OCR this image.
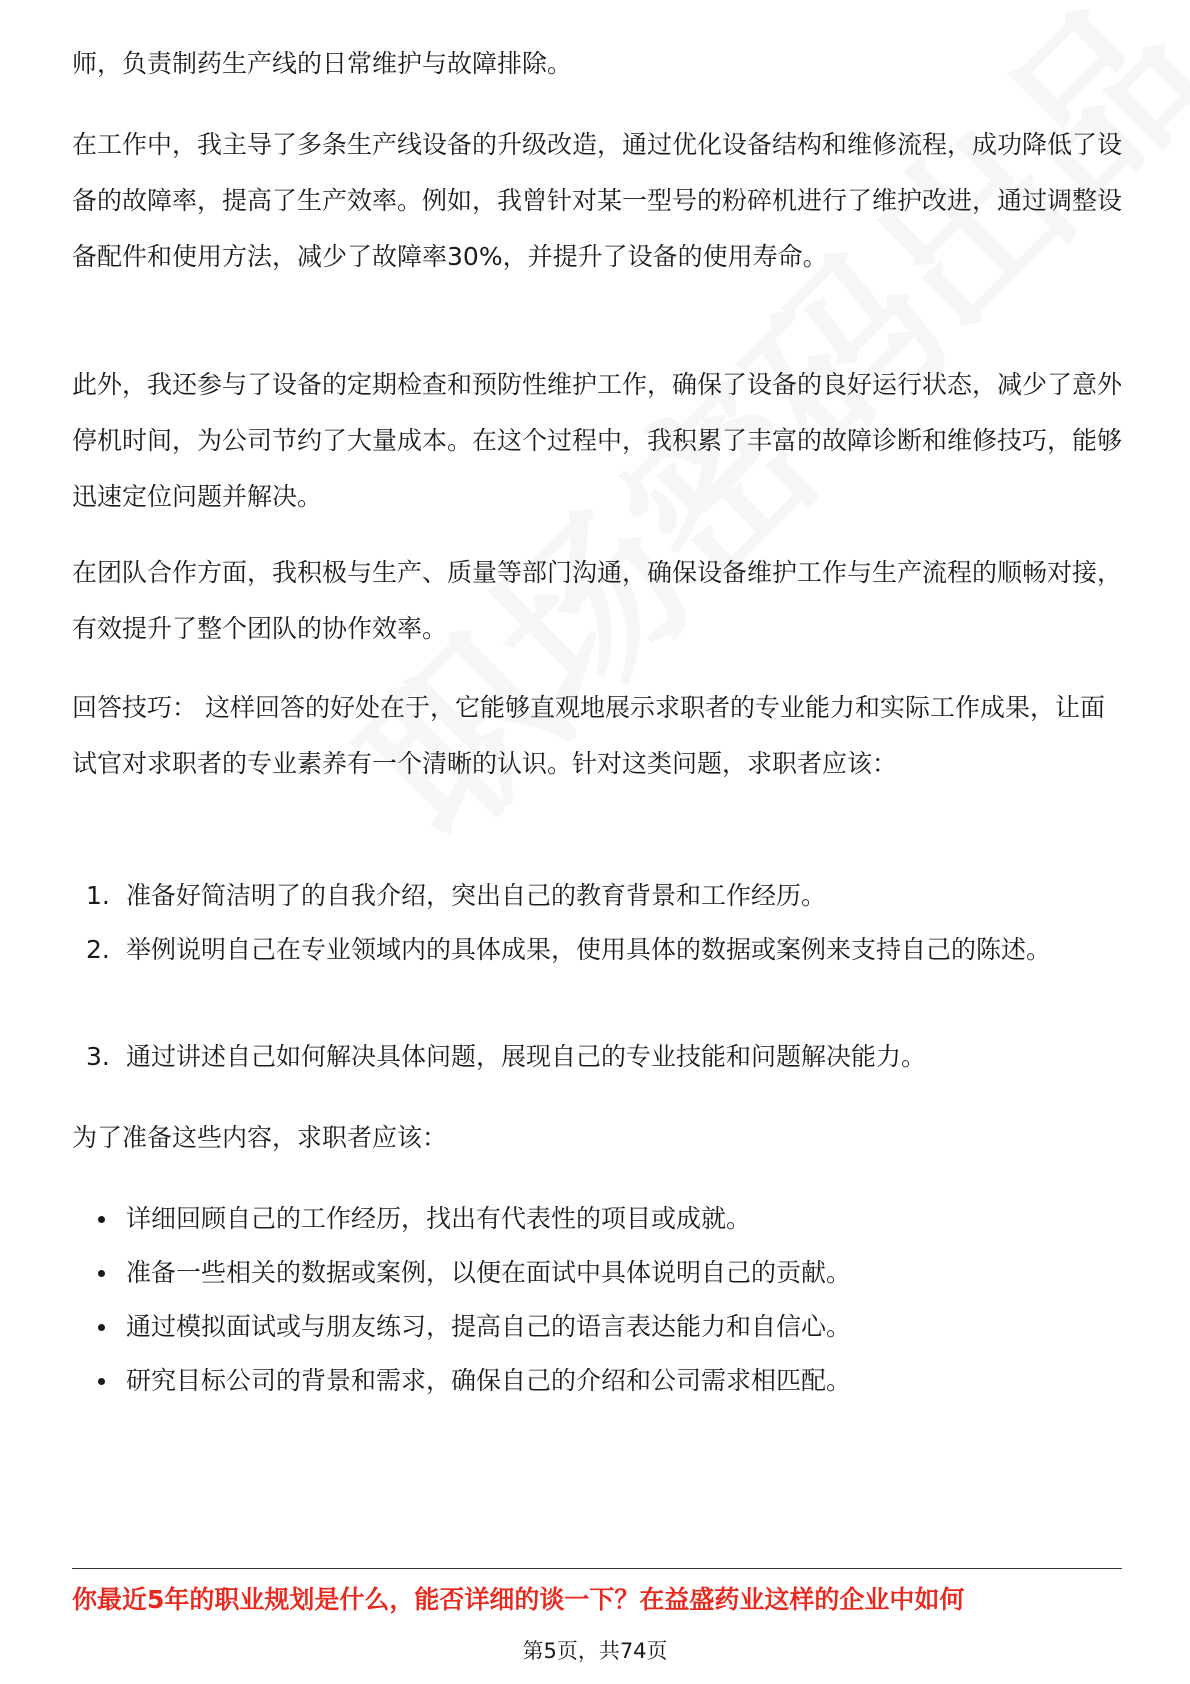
师，负责制药生产线的日常维护与故障排除。

在工作中，我主导了多条生产线设备的升级改造，通过优化设备结构和维修流程，成功降低了设备的故障率，提高了生产效率。例如，我曾针对某一型号的粉碎机进行了维护改进，通过调整设备配件和使用方法，减少了故障率30%，并提升了设备的使用寿命。

此外，我还参与了设备的定期检查和预防性维护工作，确保了设备的良好运行状态，减少了意外停机时间，为公司节约了大量成本。在这个过程中，我积累了丰富的故障诊断和维修技巧，能够迅速定位问题并解决。

在团队合作方面，我积极与生产、质量等部门沟通，确保设备维护工作与生产流程的顺畅对接，有效提升了整个团队的协作效率。

回答技巧： 这样回答的好处在于，它能够直观地展示求职者的专业能力和实际工作成果，让面试官对求职者的专业素养有一个清晰的认识。针对这类问题，求职者应该：

1. 准备好简洁明了的自我介绍，突出自己的教育背景和工作经历。
2. 举例说明自己在专业领域内的具体成果，使用具体的数据或案例来支持自己的陈述。
3. 通过讲述自己如何解决具体问题，展现自己的专业技能和问题解决能力。

为了准备这些内容，求职者应该：

详细回顾自己的工作经历，找出有代表性的项目或成就。
准备一些相关的数据或案例，以便在面试中具体说明自己的贡献。
通过模拟面试或与朋友练习，提高自己的语言表达能力和自信心。
研究目标公司的背景和需求，确保自己的介绍和公司需求相匹配。
你最近5年的职业规划是什么，能否详细的谈一下？在益盛药业这样的企业中如何
第5页，共74页
